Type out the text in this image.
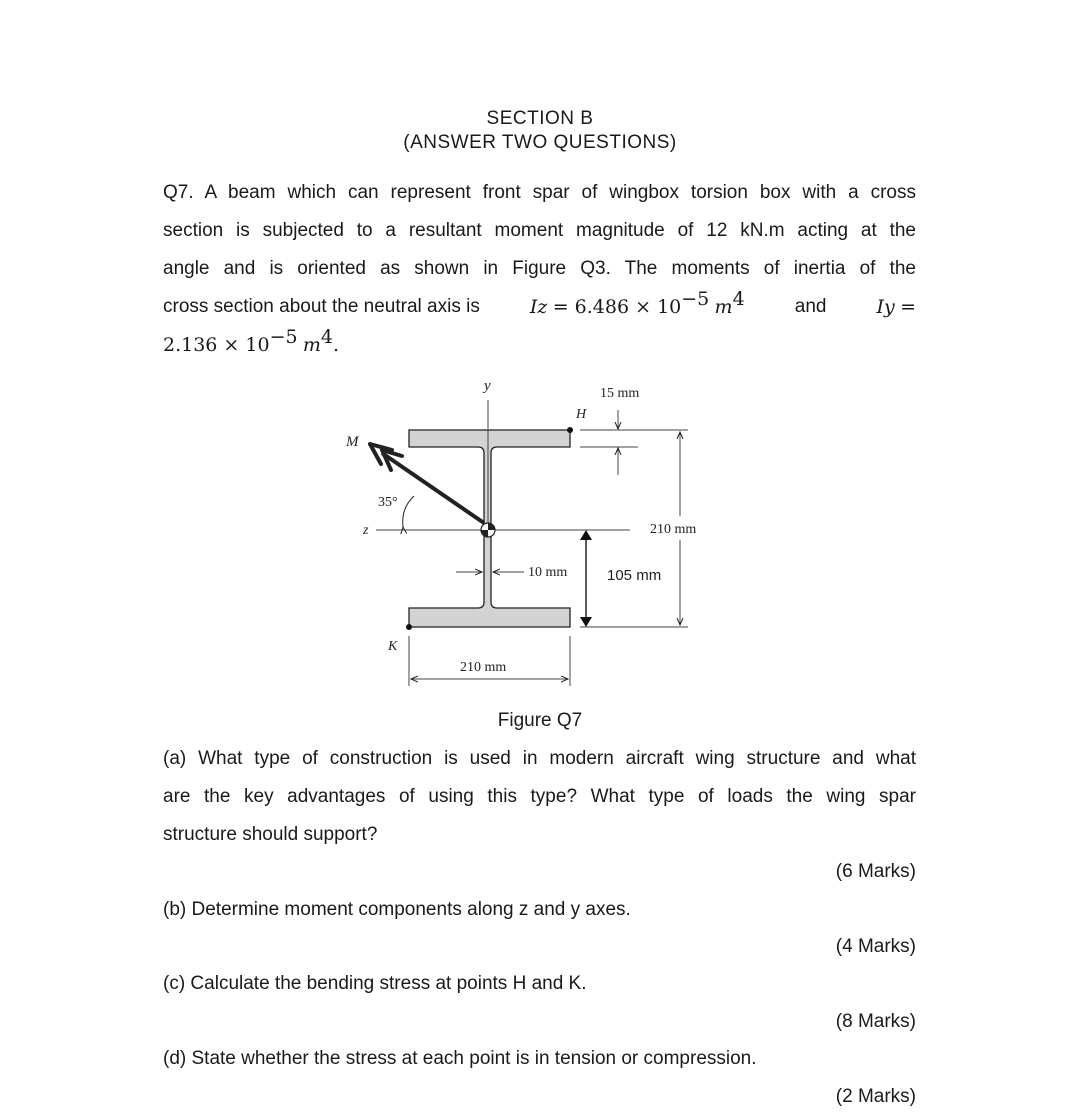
SECTION B
(ANSWER TWO QUESTIONS)
Q7. A beam which can represent front spar of wingbox torsion box with a cross
section is subjected to a resultant moment magnitude of 12 kN.m acting at the
angle and is oriented as shown in Figure Q3. The moments of inertia of the
cross section about the neutral axis is	$Iz = 6.486 \times 10^{-5}$ $m^4$	and	Iy =
$2.136 \times 10^{-5}$ $m^4$.
y
z
M
35°
H
K
15 mm
210 mm
105 mm
10 mm
210 mm
Figure Q7
(a) What type of construction is used in modern aircraft wing structure and what
are the key advantages of using this type? What type of loads the wing spar
structure should support?
(6 Marks)
(b) Determine moment components along z and y axes.
(4 Marks)
(c) Calculate the bending stress at points H and K.
(8 Marks)
(d) State whether the stress at each point is in tension or compression.
(2 Marks)
